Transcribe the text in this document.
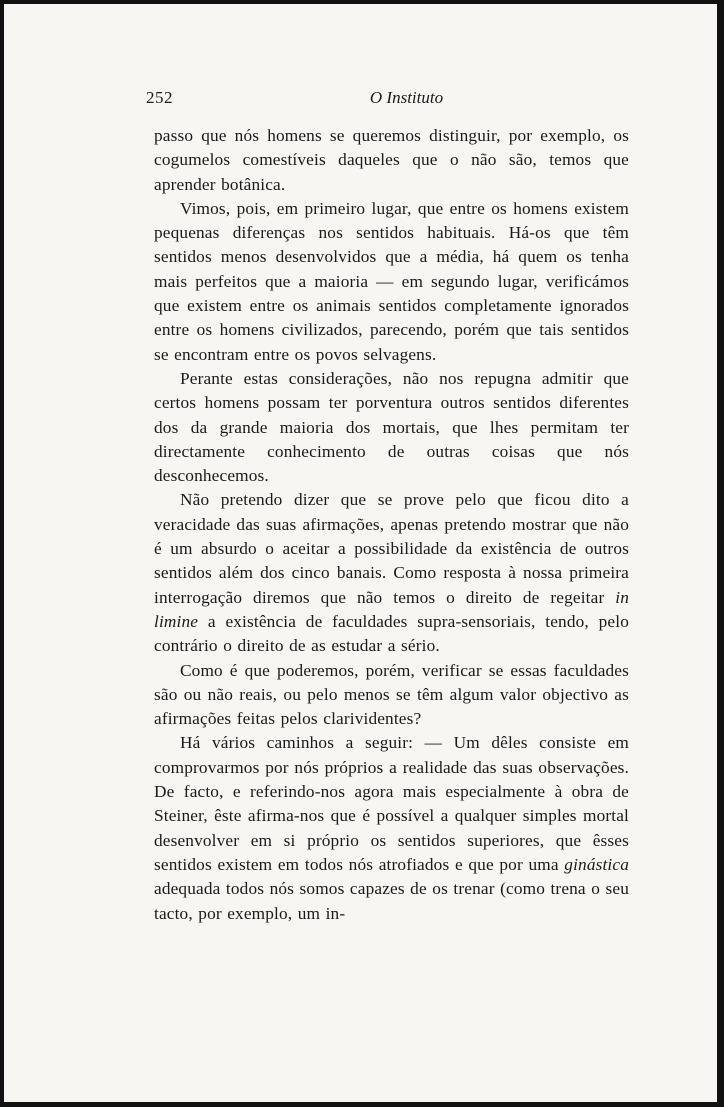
252	O Instituto

passo que nós homens se queremos distinguir, por exemplo, os cogumelos comestíveis daqueles que o não são, temos que aprender botânica.

Vimos, pois, em primeiro lugar, que entre os homens existem pequenas diferenças nos sentidos habituais. Há-os que têm sentidos menos desenvolvidos que a média, há quem os tenha mais perfeitos que a maioria — em segundo lugar, verificámos que existem entre os animais sentidos completamente ignorados entre os homens civilizados, parecendo, porém que tais sentidos se encontram entre os povos selvagens.

Perante estas considerações, não nos repugna admitir que certos homens possam ter porventura outros sentidos diferentes dos da grande maioria dos mortais, que lhes permitam ter directamente conhecimento de outras coisas que nós desconhecemos.

Não pretendo dizer que se prove pelo que ficou dito a veracidade das suas afirmações, apenas pretendo mostrar que não é um absurdo o aceitar a possibilidade da existência de outros sentidos além dos cinco banais. Como resposta à nossa primeira interrogação diremos que não temos o direito de regeitar in limine a existência de faculdades supra-sensoriais, tendo, pelo contrário o direito de as estudar a sério.

Como é que poderemos, porém, verificar se essas faculdades são ou não reais, ou pelo menos se têm algum valor objectivo as afirmações feitas pelos clarividentes?

Há vários caminhos a seguir: — Um dêles consiste em comprovarmos por nós próprios a realidade das suas observações. De facto, e referindo-nos agora mais especialmente à obra de Steiner, êste afirma-nos que é possível a qualquer simples mortal desenvolver em si próprio os sentidos superiores, que êsses sentidos existem em todos nós atrofiados e que por uma ginástica adequada todos nós somos capazes de os trenar (como trena o seu tacto, por exemplo, um in-
